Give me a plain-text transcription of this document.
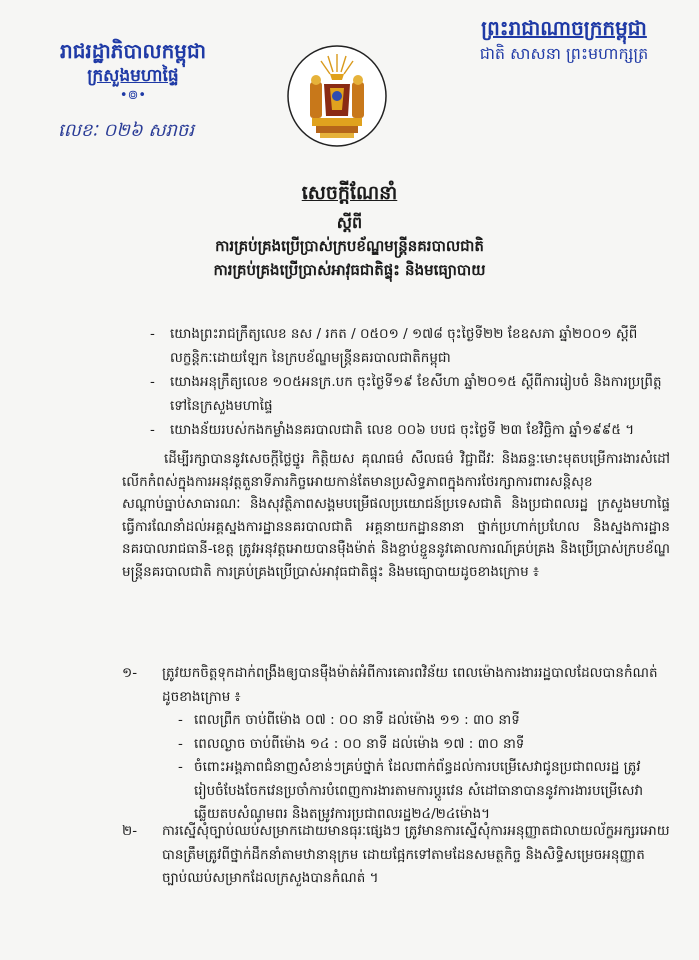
រាជរដ្ឋាភិបាលកម្ពុជា

ក្រសួងមហាផ្ទៃ

•៙•
លេខៈ ០២៦ សរាចរ

ព្រះរាជាណាចក្រកម្ពុជា

ជាតិ សាសនា ព្រះមហាក្សត្រ

សេចក្តីណែនាំ

ស្តីពី

ការគ្រប់គ្រងប្រើប្រាស់ក្របខ័ណ្ឌមន្ត្រីនគរបាលជាតិ

ការគ្រប់គ្រងប្រើប្រាស់អាវុធជាតិផ្ទុះ និងមធ្យោបាយ

- យោងព្រះរាជក្រឹត្យលេខ នស / រកត / ០៥០១ / ១៧៨ ចុះថ្ងៃទី២២ ខែឧសភា ឆ្នាំ២០០១ ស្តីពីលក្ខន្តិកៈដោយឡែក នៃក្របខ័ណ្ឌមន្ត្រីនគរបាលជាតិកម្ពុជា
- យោងអនុក្រឹត្យលេខ ១០៥អនក្រ.បក ចុះថ្ងៃទី១៩ ខែសីហា ឆ្នាំ២០១៥ ស្តីពីការរៀបចំ និងការប្រព្រឹត្តទៅនៃក្រសួងមហាផ្ទៃ
- យោងន័យរបស់កងកម្លាំងនគរបាលជាតិ លេខ ០០៦ បបជ ចុះថ្ងៃទី ២៣ ខែវិច្ឆិកា ឆ្នាំ១៩៩៥ ។
ដើម្បីរក្សាបាននូវសេចក្តីថ្លៃថ្នូរ កិត្តិយស គុណធម៌ សីលធម៌ វិជ្ជាជីវៈ និងឆន្ទៈមោះមុតបម្រើការងារសំដៅលើកកំពស់ក្នុងការអនុវត្តតួនាទីភារកិច្ចអោយកាន់តែមានប្រសិទ្ធភាពក្នុងការថែរក្សាការពារសន្តិសុខ សណ្តាប់ធ្នាប់សាធារណៈ និងសុវត្ថិភាពសង្គមបម្រើផលប្រយោជន៍ប្រទេសជាតិ និងប្រជាពលរដ្ឋ ក្រសួងមហាផ្ទៃ ធ្វើការណែនាំដល់អគ្គស្នងការដ្ឋាននគរបាលជាតិ អគ្គនាយកដ្ឋាននានា ថ្នាក់ប្រហាក់ប្រហែល និងស្នងការដ្ឋាននគរបាលរាជធានី-ខេត្ត ត្រូវអនុវត្តអោយបានម៉ឺងម៉ាត់ និងខ្ជាប់ខ្ជួននូវគោលការណ៍គ្រប់គ្រង និងប្រើប្រាស់ក្របខ័ណ្ឌមន្ត្រីនគរបាលជាតិ ការគ្រប់គ្រងប្រើប្រាស់អាវុធជាតិផ្ទុះ និងមធ្យោបាយដូចខាងក្រោម ៖
១-	ត្រូវយកចិត្តទុកដាក់ពង្រឹងឲ្យបានម៉ឺងម៉ាត់អំពីការគោរពវិន័យ ពេលម៉ោងការងាររដ្ឋបាលដែលបានកំណត់ដូចខាងក្រោម ៖
- ពេលព្រឹក ចាប់ពីម៉ោង ០៧ : ០០ នាទី ដល់ម៉ោង ១១ : ៣០ នាទី
- ពេលល្ងាច ចាប់ពីម៉ោង ១៤ : ០០ នាទី ដល់ម៉ោង ១៧ : ៣០ នាទី
- ចំពោះអង្គភាពជំនាញសំខាន់ៗគ្រប់ថ្នាក់ ដែលពាក់ព័ន្ធដល់ការបម្រើសេវាជូនប្រជាពលរដ្ឋ ត្រូវរៀបចំបែងចែកវេនប្រចាំការបំពេញការងារតាមការប្តូរវេន សំដៅធានាបាននូវការងារបម្រើសេវា ឆ្លើយតបសំណូមពរ និងតម្រូវការប្រជាពលរដ្ឋ២៤/២៤ម៉ោង។
២-	ការស្នើសុំច្បាប់ឈប់សម្រាកដោយមានធុរៈផ្សេងៗ ត្រូវមានការស្នើសុំការអនុញ្ញាតជាលាយល័ក្ខអក្សរអោយបានត្រឹមត្រូវពីថ្នាក់ដឹកនាំតាមឋានានុក្រម ដោយផ្អែកទៅតាមដែនសមត្ថកិច្ច និងសិទ្ធិសម្រេចអនុញ្ញាតច្បាប់ឈប់សម្រាកដែលក្រសួងបានកំណត់ ។
